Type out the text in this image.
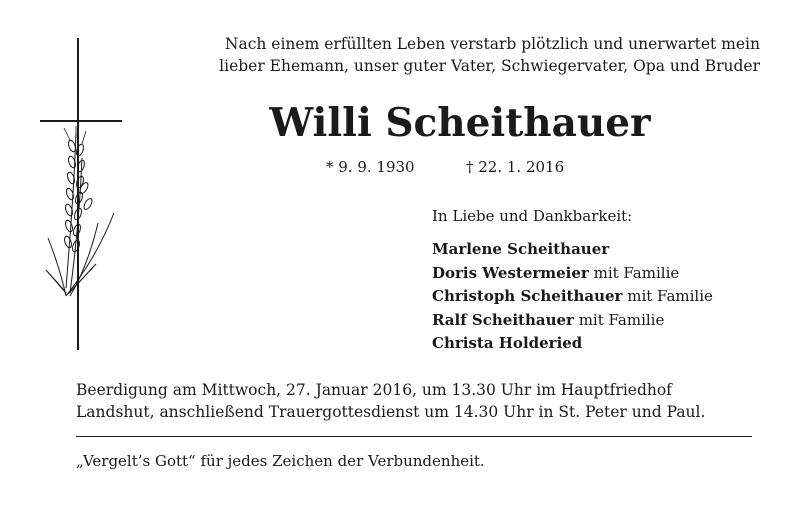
Nach einem erfüllten Leben verstarb plötzlich und unerwartet mein
lieber Ehemann, unser guter Vater, Schwiegervater, Opa und Bruder
Willi Scheithauer
* 9. 9. 1930	† 22. 1. 2016
In Liebe und Dankbarkeit:
Marlene Scheithauer
Doris Westermeier mit Familie
Christoph Scheithauer mit Familie
Ralf Scheithauer mit Familie
Christa Holderied
Beerdigung am Mittwoch, 27. Januar 2016, um 13.30 Uhr im Hauptfriedhof
Landshut, anschließend Trauergottesdienst um 14.30 Uhr in St. Peter und Paul.
„Vergelt’s Gott“ für jedes Zeichen der Verbundenheit.
